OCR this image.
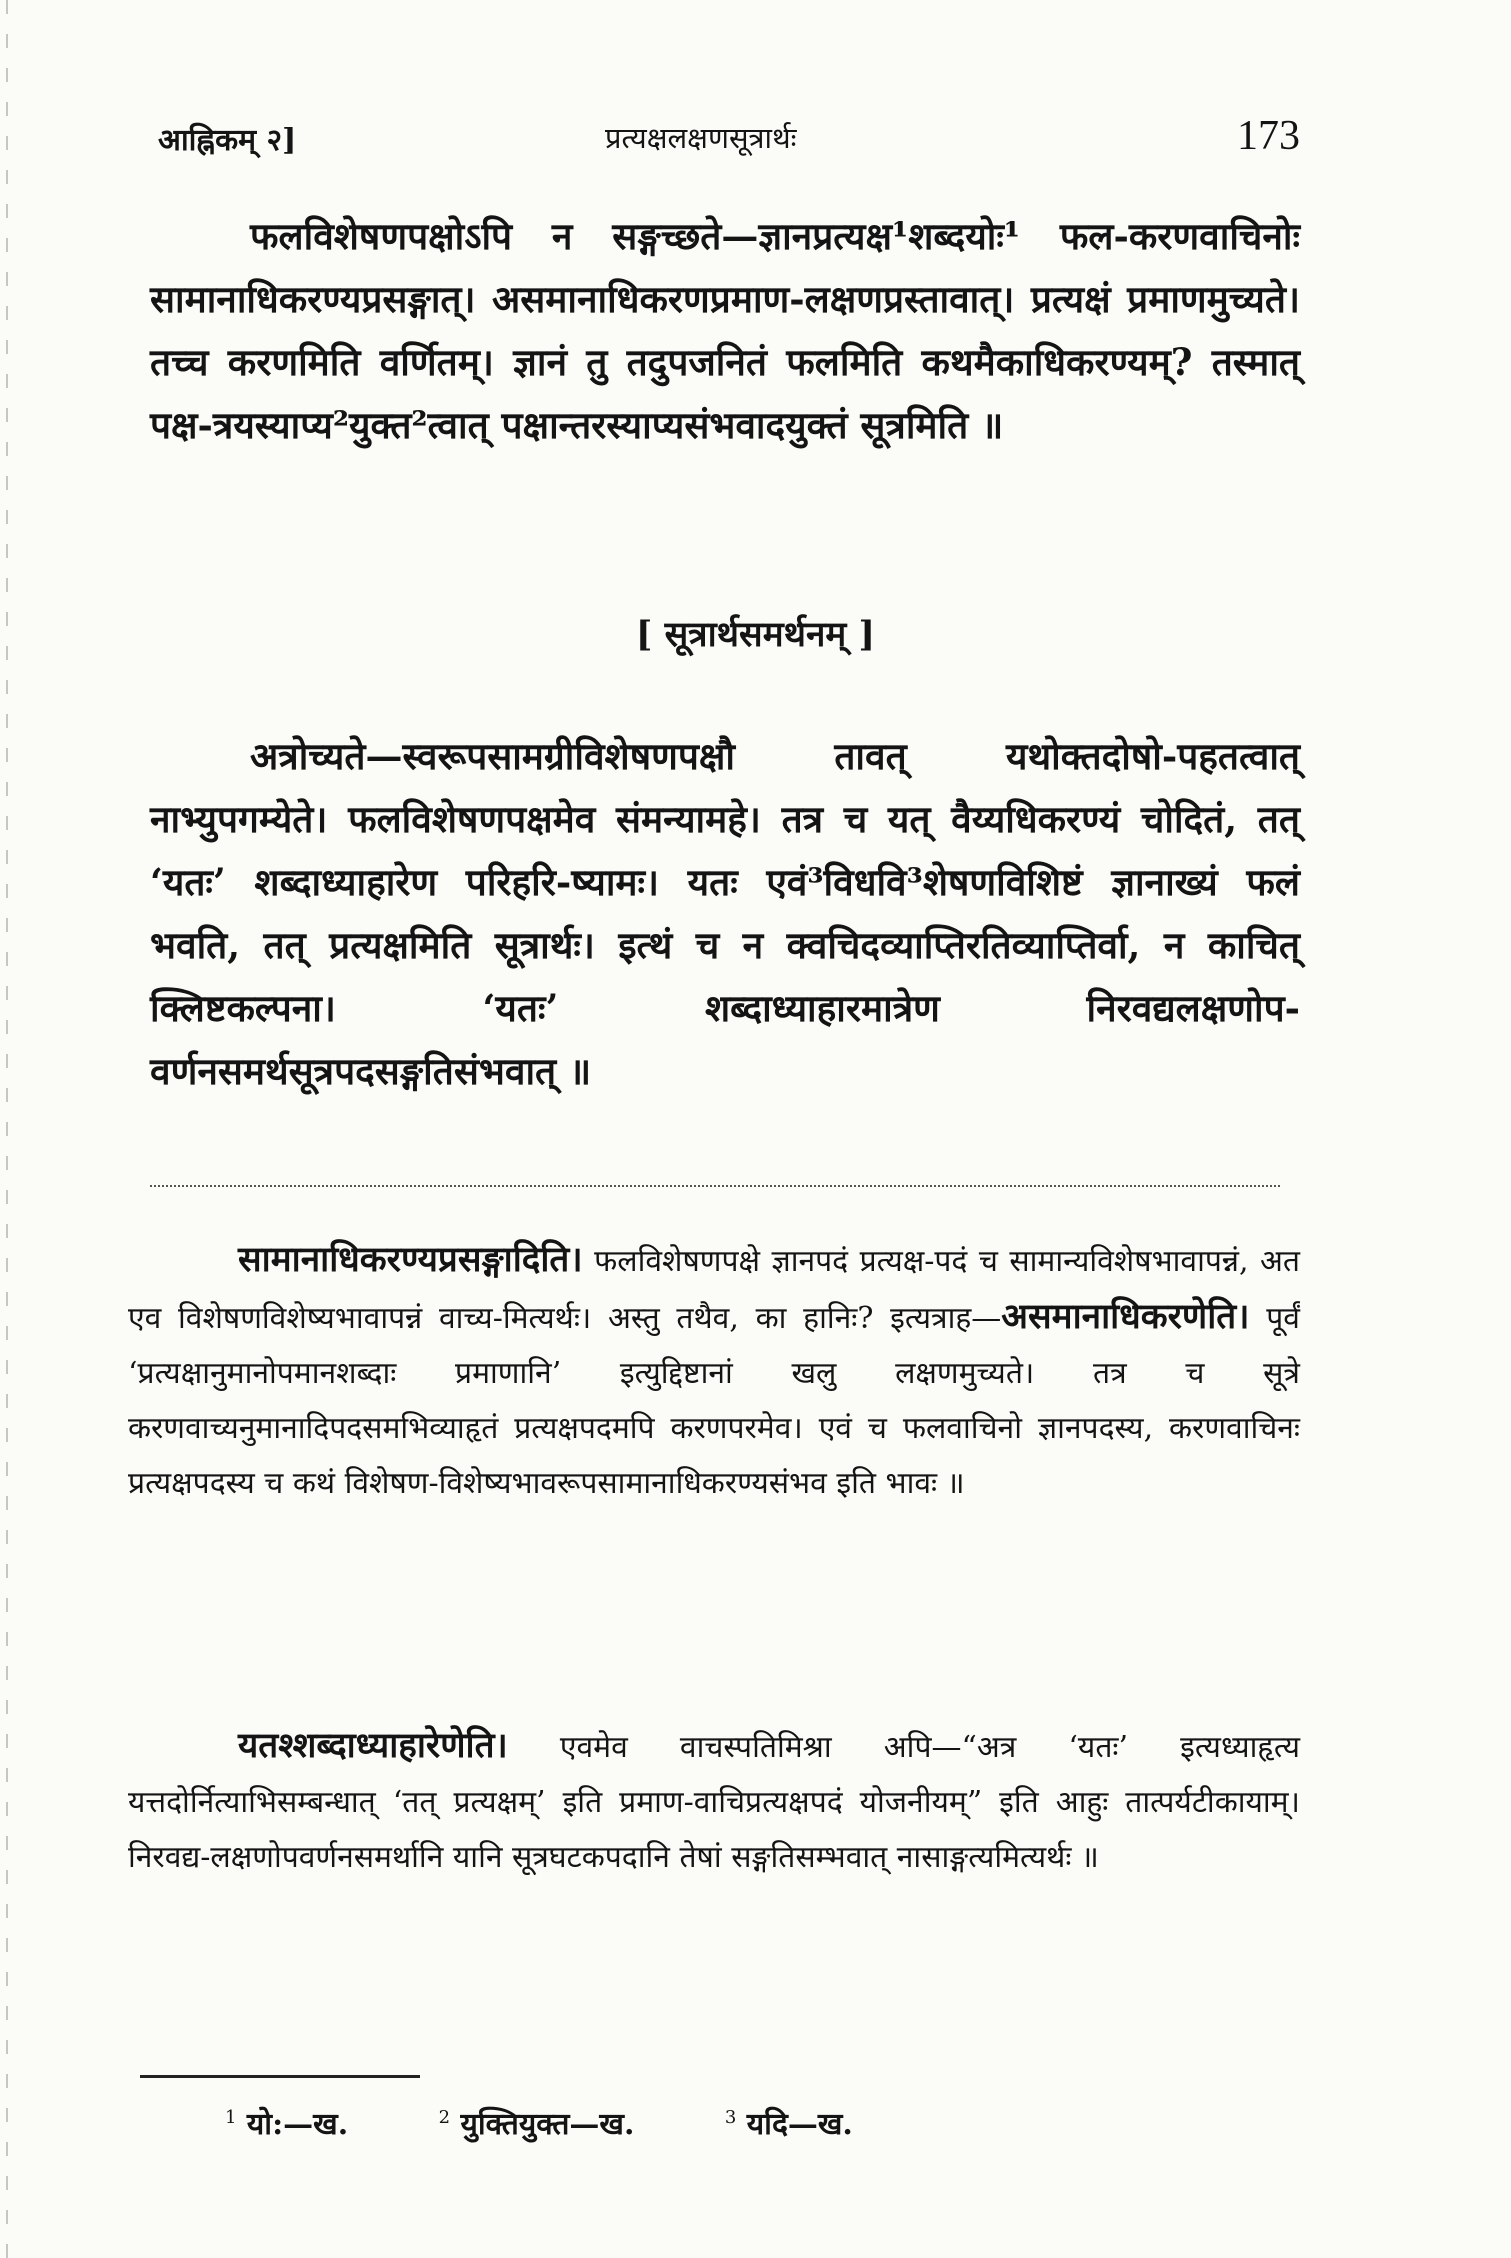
आह्निकम् २]	प्रत्यक्षलक्षणसूत्रार्थः	173

फलविशेषणपक्षोऽपि न सङ्गच्छते—ज्ञानप्रत्यक्ष¹शब्दयोः¹ फल-करणवाचिनोः सामानाधिकरण्यप्रसङ्गात्। असमानाधिकरणप्रमाण-लक्षणप्रस्तावात्। प्रत्यक्षं प्रमाणमुच्यते। तच्च करणमिति वर्णितम्। ज्ञानं तु तदुपजनितं फलमिति कथमैकाधिकरण्यम्? तस्मात् पक्ष-त्रयस्याप्य²युक्त²त्वात् पक्षान्तरस्याप्यसंभवादयुक्तं सूत्रमिति ॥

[ सूत्रार्थसमर्थनम् ]

अत्रोच्यते—स्वरूपसामग्रीविशेषणपक्षौ तावत् यथोक्तदोषो-पहतत्वात् नाभ्युपगम्येते। फलविशेषणपक्षमेव संमन्यामहे। तत्र च यत् वैय्यधिकरण्यं चोदितं, तत् ‘यतः’ शब्दाध्याहारेण परिहरि-ष्यामः। यतः एवं³विधवि³शेषणविशिष्टं ज्ञानाख्यं फलं भवति, तत् प्रत्यक्षमिति सूत्रार्थः। इत्थं च न क्वचिदव्याप्तिरतिव्याप्तिर्वा, न काचित् क्लिष्टकल्पना। ‘यतः’ शब्दाध्याहारमात्रेण निरवद्यलक्षणोप-वर्णनसमर्थसूत्रपदसङ्गतिसंभवात् ॥

सामानाधिकरण्यप्रसङ्गादिति। फलविशेषणपक्षे ज्ञानपदं प्रत्यक्ष-पदं च सामान्यविशेषभावापन्नं, अत एव विशेषणविशेष्यभावापन्नं वाच्य-मित्यर्थः। अस्तु तथैव, का हानिः? इत्यत्राह—असमानाधिकरणेति। पूर्वं ‘प्रत्यक्षानुमानोपमानशब्दाः प्रमाणानि’ इत्युद्दिष्टानां खलु लक्षणमुच्यते। तत्र च सूत्रे करणवाच्यनुमानादिपदसमभिव्याहृतं प्रत्यक्षपदमपि करणपरमेव। एवं च फलवाचिनो ज्ञानपदस्य, करणवाचिनः प्रत्यक्षपदस्य च कथं विशेषण-विशेष्यभावरूपसामानाधिकरण्यसंभव इति भावः ॥

यतश्शब्दाध्याहारेणेति। एवमेव वाचस्पतिमिश्रा अपि—“अत्र ‘यतः’ इत्यध्याहृत्य यत्तदोर्नित्याभिसम्बन्धात् ‘तत् प्रत्यक्षम्’ इति प्रमाण-वाचिप्रत्यक्षपदं योजनीयम्” इति आहुः तात्पर्यटीकायाम्। निरवद्य-लक्षणोपवर्णनसमर्थानि यानि सूत्रघटकपदानि तेषां सङ्गतिसम्भवात् नासाङ्गत्यमित्यर्थः ॥

$^1$ यो:—ख.	$^2$ युक्तियुक्त—ख.	$^3$ यदि—ख.
